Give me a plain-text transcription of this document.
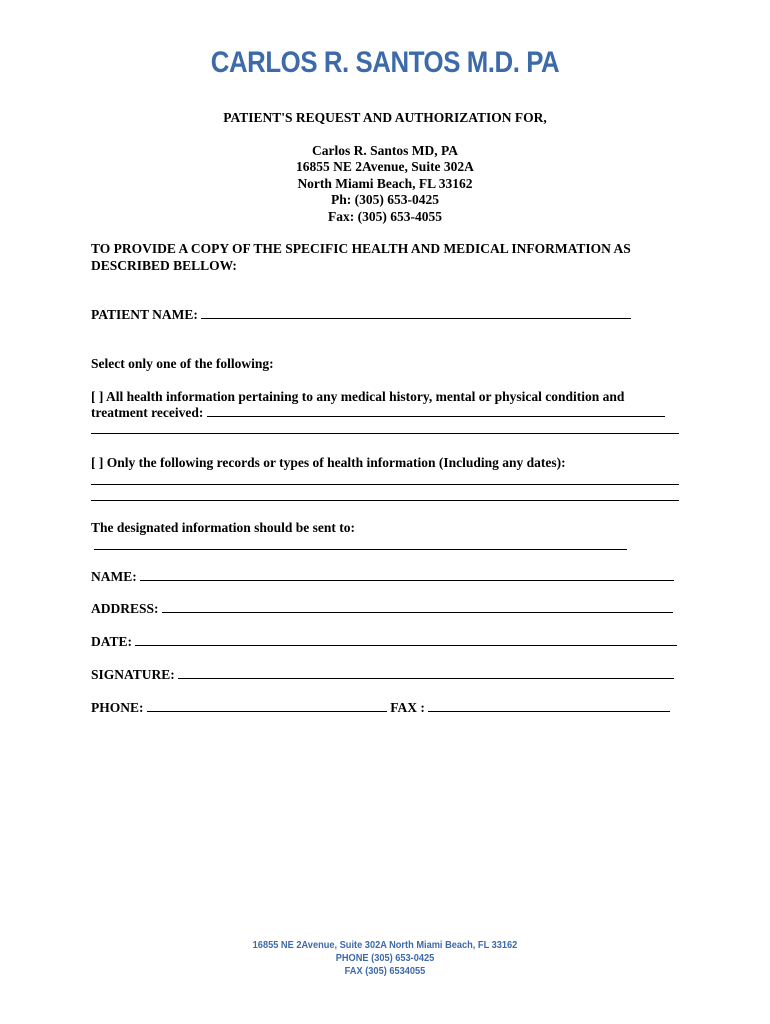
CARLOS R. SANTOS M.D. PA
PATIENT'S REQUEST AND AUTHORIZATION FOR,
Carlos R. Santos MD, PA
16855 NE 2Avenue, Suite 302A
North Miami Beach, FL 33162
Ph: (305) 653-0425
Fax: (305) 653-4055
TO PROVIDE A COPY OF THE SPECIFIC HEALTH AND MEDICAL INFORMATION AS
DESCRIBED BELLOW:
PATIENT NAME:
Select only one of the following:
[ ] All health information pertaining to any medical history, mental or physical condition and
treatment received:
[ ] Only the following records or types of health information (Including any dates):
The designated information should be sent to:
NAME:
ADDRESS:
DATE:
SIGNATURE:
PHONE:	FAX :
16855 NE 2Avenue, Suite 302A North Miami Beach, FL 33162
PHONE (305) 653-0425
FAX (305) 6534055
